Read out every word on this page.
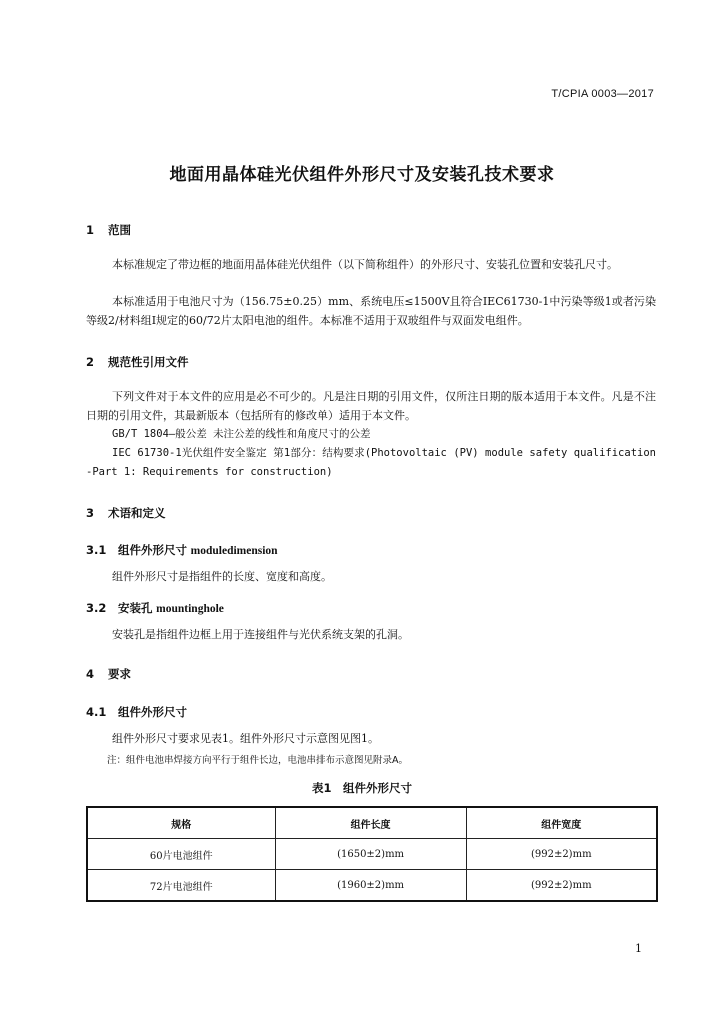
T/CPIA 0003—2017
地面用晶体硅光伏组件外形尺寸及安装孔技术要求
1 范围
本标准规定了带边框的地面用晶体硅光伏组件（以下简称组件）的外形尺寸、安装孔位置和安装孔尺寸。
本标准适用于电池尺寸为（156.75±0.25）mm、系统电压≤1500V且符合IEC61730-1中污染等级1或者污染等级2/材料组Ⅰ规定的60/72片太阳电池的组件。本标准不适用于双玻组件与双面发电组件。
2 规范性引用文件
下列文件对于本文件的应用是必不可少的。凡是注日期的引用文件，仅所注日期的版本适用于本文件。凡是不注日期的引用文件，其最新版本（包括所有的修改单）适用于本文件。
GB/T 1804—般公差 未注公差的线性和角度尺寸的公差
IEC 61730-1光伏组件安全鉴定 第1部分：结构要求(Photovoltaic (PV) module safety qualification -Part 1: Requirements for construction)
3 术语和定义
3.1 组件外形尺寸 moduledimension
组件外形尺寸是指组件的长度、宽度和高度。
3.2 安装孔 mountinghole
安装孔是指组件边框上用于连接组件与光伏系统支架的孔洞。
4 要求
4.1 组件外形尺寸
组件外形尺寸要求见表1。组件外形尺寸示意图见图1。
注：组件电池串焊接方向平行于组件长边，电池串排布示意图见附录A。
表1　组件外形尺寸
规格	组件长度	组件宽度
60片电池组件	(1650±2)mm	(992±2)mm
72片电池组件	(1960±2)mm	(992±2)mm
1
